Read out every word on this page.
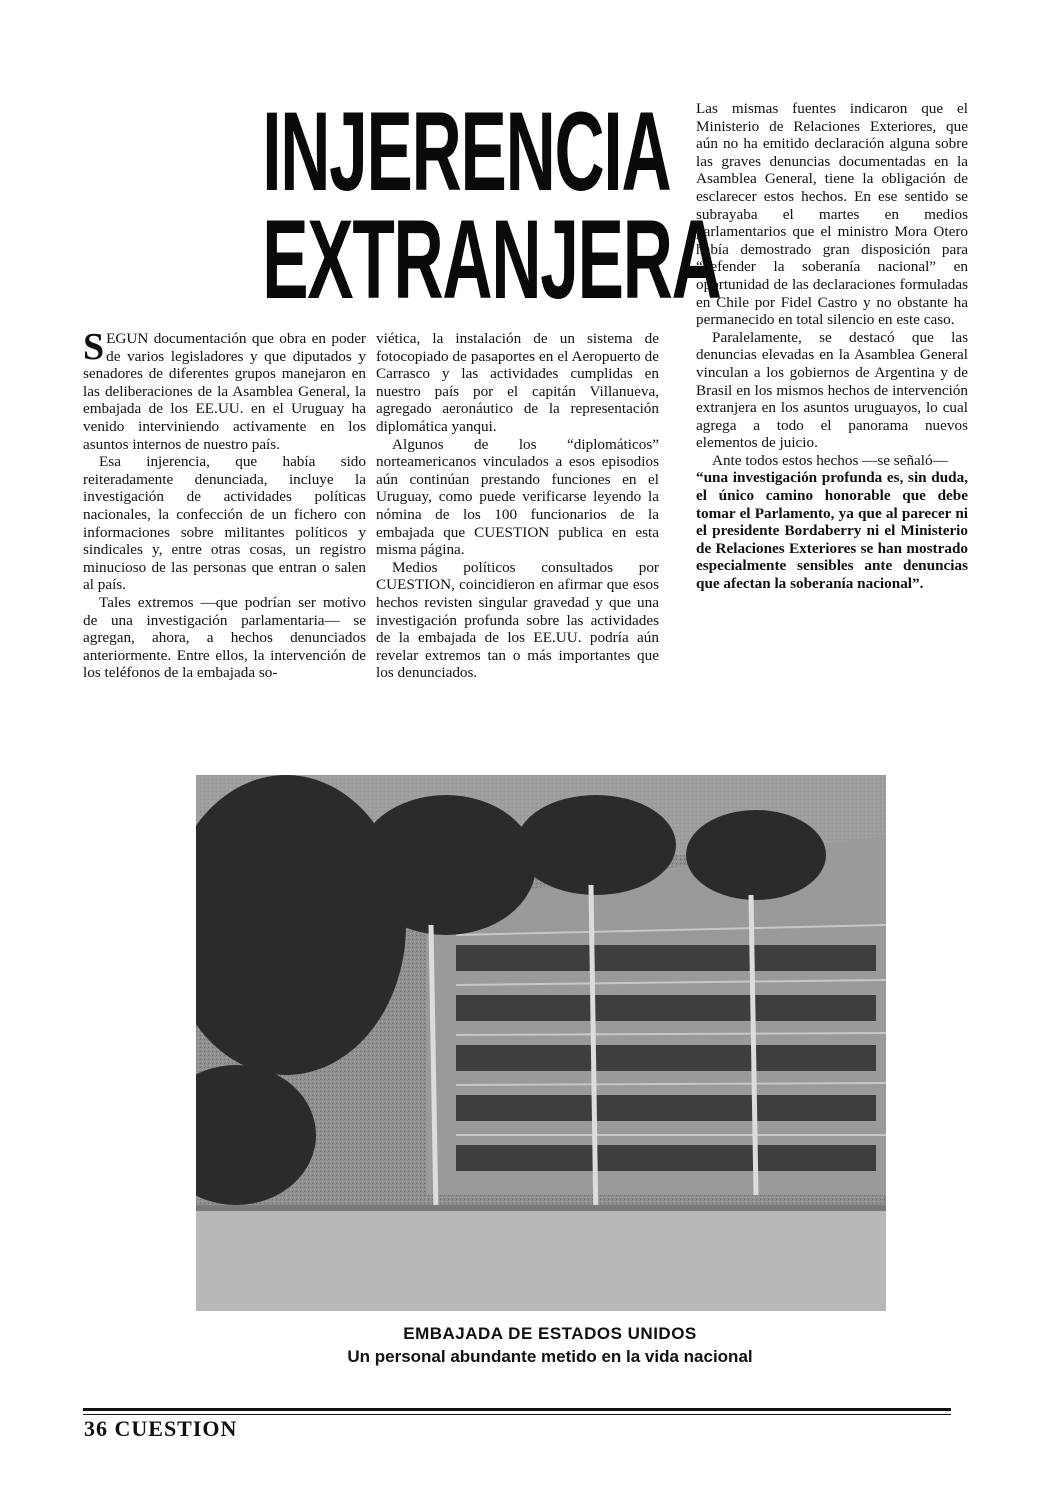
INJERENCIA
EXTRANJERA

SEGUN documentación que obra en poder de varios legisladores y que diputados y senadores de diferentes grupos manejaron en las deliberaciones de la Asamblea General, la embajada de los EE.UU. en el Uruguay ha venido interviniendo activamente en los asuntos internos de nuestro país.

Esa injerencia, que había sido reiteradamente denunciada, incluye la investigación de actividades políticas nacionales, la confección de un fichero con informaciones sobre militantes políticos y sindicales y, entre otras cosas, un registro minucioso de las personas que entran o salen al país.

Tales extremos —que podrían ser motivo de una investigación parlamentaria— se agregan, ahora, a hechos denunciados anteriormente. Entre ellos, la intervención de los teléfonos de la embajada so-

viética, la instalación de un sistema de fotocopiado de pasaportes en el Aeropuerto de Carrasco y las actividades cumplidas en nuestro país por el capitán Villanueva, agregado aeronáutico de la representación diplomática yanqui.

Algunos de los “diplomáticos” norteamericanos vinculados a esos episodios aún continúan prestando funciones en el Uruguay, como puede verificarse leyendo la nómina de los 100 funcionarios de la embajada que CUESTION publica en esta misma página.

Medios políticos consultados por CUESTION, coincidieron en afirmar que esos hechos revisten singular gravedad y que una investigación profunda sobre las actividades de la embajada de los EE.UU. podría aún revelar extremos tan o más importantes que los denunciados.

Las mismas fuentes indicaron que el Ministerio de Relaciones Exteriores, que aún no ha emitido declaración alguna sobre las graves denuncias documentadas en la Asamblea General, tiene la obligación de esclarecer estos hechos. En ese sentido se subrayaba el martes en medios parlamentarios que el ministro Mora Otero había demostrado gran disposición para “defender la soberanía nacional” en oportunidad de las declaraciones formuladas en Chile por Fidel Castro y no obstante ha permanecido en total silencio en este caso.

Paralelamente, se destacó que las denuncias elevadas en la Asamblea General vinculan a los gobiernos de Argentina y de Brasil en los mismos hechos de intervención extranjera en los asuntos uruguayos, lo cual agrega a todo el panorama nuevos elementos de juicio.

Ante todos estos hechos —se señaló—

“una investigación profunda es, sin duda, el único camino honorable que debe tomar el Parlamento, ya que al parecer ni el presidente Bordaberry ni el Ministerio de Relaciones Exteriores se han mostrado especialmente sensibles ante denuncias que afectan la soberanía nacional”.

EMBAJADA DE ESTADOS UNIDOS
Un personal abundante metido en la vida nacional
36 CUESTION
